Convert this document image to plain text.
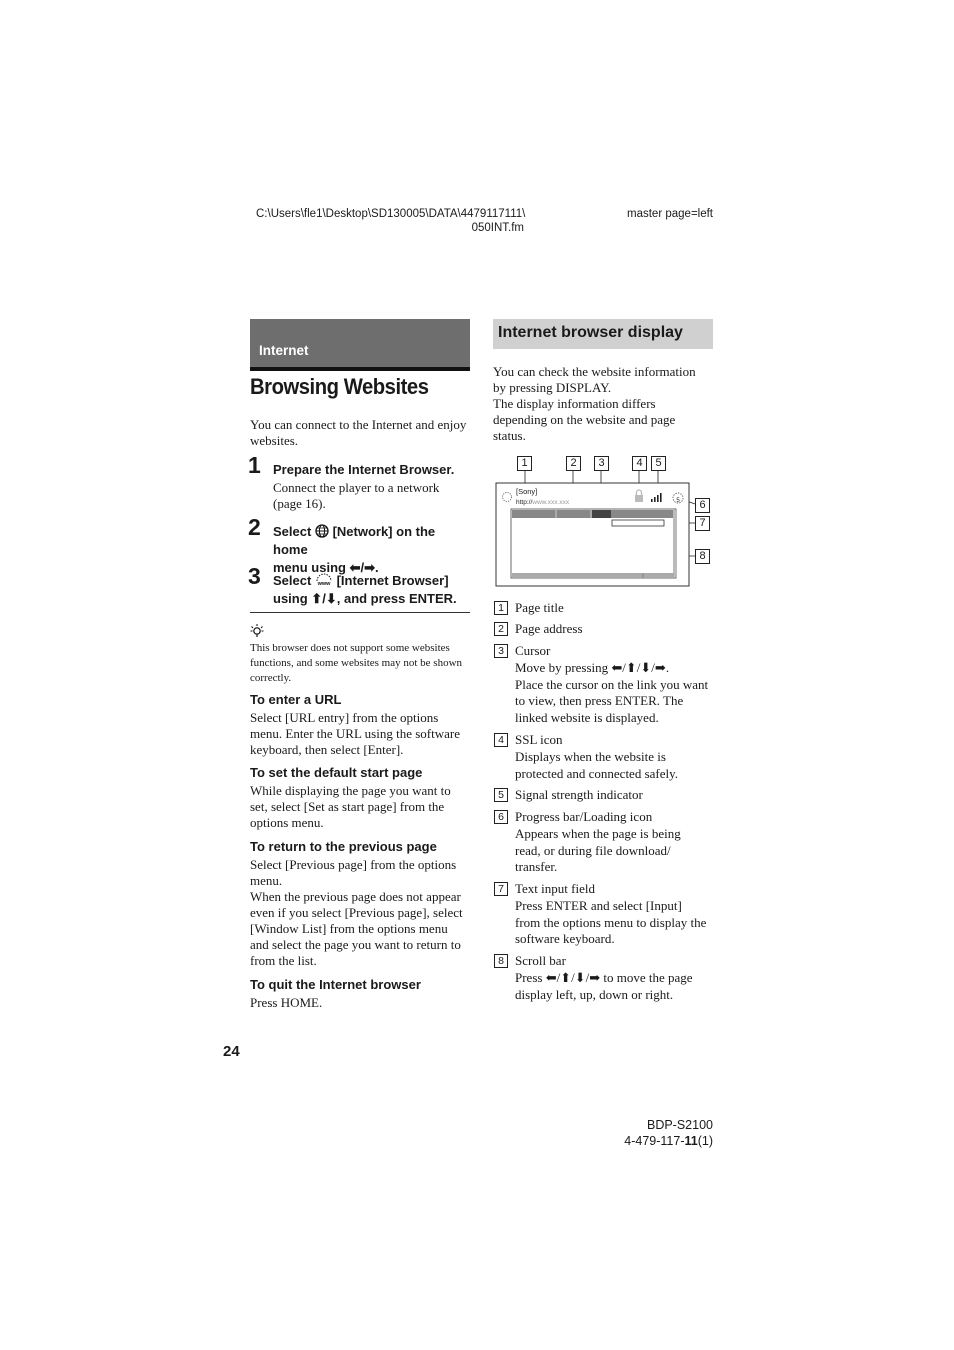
C:\Users\fle1\Desktop\SD130005\DATA\4479117111\
050INT.fm
master page=left
Internet
Browsing Websites
You can connect to the Internet and enjoy websites.
1 Prepare the Internet Browser.
Connect the player to a network
(page 16).
2 Select [Network] on the home
menu using ⬅/➡.
3 Select www [Internet Browser]
using ⬆/⬇, and press ENTER.
This browser does not support some websites functions, and some websites may not be shown correctly.
To enter a URL
Select [URL entry] from the options
menu. Enter the URL using the software
keyboard, then select [Enter].
To set the default start page
While displaying the page you want to
set, select [Set as start page] from the
options menu.
To return to the previous page
Select [Previous page] from the options
menu.
When the previous page does not appear
even if you select [Previous page], select
[Window List] from the options menu
and select the page you want to return to
from the list.
To quit the Internet browser
Press HOME.
Internet browser display
You can check the website information
by pressing DISPLAY.
The display information differs
depending on the website and page
status.
[Sony]
http://www.xxx.xxx	5
1	2	3	4	5
6
7
8
1 Page title
2 Page address
3 Cursor
Move by pressing ⬅/⬆/⬇/➡.
Place the cursor on the link you want
to view, then press ENTER. The
linked website is displayed.
4 SSL icon
Displays when the website is
protected and connected safely.
5 Signal strength indicator
6 Progress bar/Loading icon
Appears when the page is being
read, or during file download/
transfer.
7 Text input field
Press ENTER and select [Input]
from the options menu to display the
software keyboard.
8 Scroll bar
Press ⬅/⬆/⬇/➡ to move the page
display left, up, down or right.
24
BDP-S2100
4-479-117-11(1)
